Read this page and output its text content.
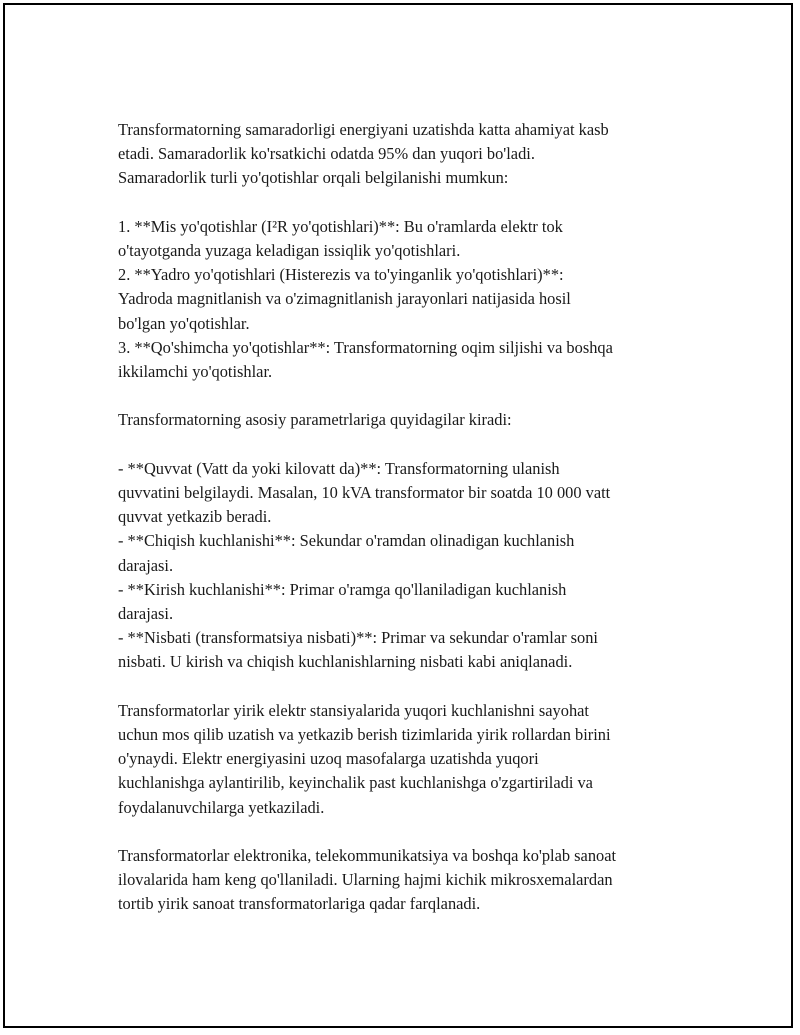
Transformatorning samaradorligi energiyani uzatishda katta ahamiyat kasb

etadi. Samaradorlik ko'rsatkichi odatda 95% dan yuqori bo'ladi.

Samaradorlik turli yo'qotishlar orqali belgilanishi mumkun:

1. **Mis yo'qotishlar (I²R yo'qotishlari)**: Bu o'ramlarda elektr tok

o'tayotganda yuzaga keladigan issiqlik yo'qotishlari.

2. **Yadro yo'qotishlari (Histerezis va to'yinganlik yo'qotishlari)**:

Yadroda magnitlanish va o'zimagnitlanish jarayonlari natijasida hosil

bo'lgan yo'qotishlar.

3. **Qo'shimcha yo'qotishlar**: Transformatorning oqim siljishi va boshqa

ikkilamchi yo'qotishlar.

Transformatorning asosiy parametrlariga quyidagilar kiradi:

- **Quvvat (Vatt da yoki kilovatt da)**: Transformatorning ulanish

quvvatini belgilaydi. Masalan, 10 kVA transformator bir soatda 10 000 vatt

quvvat yetkazib beradi.

- **Chiqish kuchlanishi**: Sekundar o'ramdan olinadigan kuchlanish

darajasi.

- **Kirish kuchlanishi**: Primar o'ramga qo'llaniladigan kuchlanish

darajasi.

- **Nisbati (transformatsiya nisbati)**: Primar va sekundar o'ramlar soni

nisbati. U kirish va chiqish kuchlanishlarning nisbati kabi aniqlanadi.

Transformatorlar yirik elektr stansiyalarida yuqori kuchlanishni sayohat

uchun mos qilib uzatish va yetkazib berish tizimlarida yirik rollardan birini

o'ynaydi. Elektr energiyasini uzoq masofalarga uzatishda yuqori

kuchlanishga aylantirilib, keyinchalik past kuchlanishga o'zgartiriladi va

foydalanuvchilarga yetkaziladi.

Transformatorlar elektronika, telekommunikatsiya va boshqa ko'plab sanoat

ilovalarida ham keng qo'llaniladi. Ularning hajmi kichik mikrosxemalardan

tortib yirik sanoat transformatorlariga qadar farqlanadi.
